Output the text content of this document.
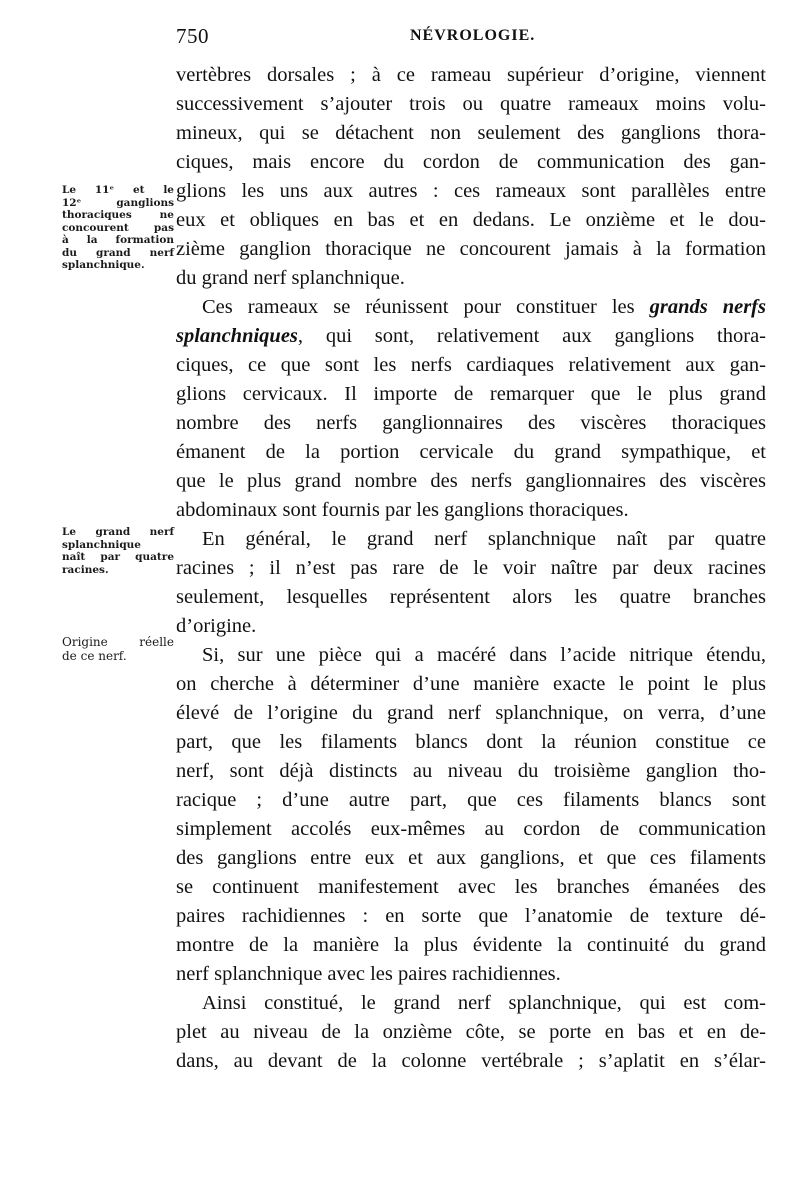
750	NÉVROLOGIE.
Le 11ᵉ et le
12ᵉ ganglions
thoraciques ne
concourent pas
à la formation
du grand nerf
splanchnique.
Le grand nerf
splanchnique
naît par quatre
racines.
Origine réelle
de ce nerf.
vertèbres dorsales ; à ce rameau supérieur d’origine, viennent
successivement s’ajouter trois ou quatre rameaux moins volu-
mineux, qui se détachent non seulement des ganglions thora-
ciques, mais encore du cordon de communication des gan-
glions les uns aux autres : ces rameaux sont parallèles entre
eux et obliques en bas et en dedans. Le onzième et le dou-
zième ganglion thoracique ne concourent jamais à la formation
du grand nerf splanchnique.
Ces rameaux se réunissent pour constituer les grands nerfs
splanchniques, qui sont, relativement aux ganglions thora-
ciques, ce que sont les nerfs cardiaques relativement aux gan-
glions cervicaux. Il importe de remarquer que le plus grand
nombre des nerfs ganglionnaires des viscères thoraciques
émanent de la portion cervicale du grand sympathique, et
que le plus grand nombre des nerfs ganglionnaires des viscères
abdominaux sont fournis par les ganglions thoraciques.
En général, le grand nerf splanchnique naît par quatre
racines ; il n’est pas rare de le voir naître par deux racines
seulement, lesquelles représentent alors les quatre branches
d’origine.
Si, sur une pièce qui a macéré dans l’acide nitrique étendu,
on cherche à déterminer d’une manière exacte le point le plus
élevé de l’origine du grand nerf splanchnique, on verra, d’une
part, que les filaments blancs dont la réunion constitue ce
nerf, sont déjà distincts au niveau du troisième ganglion tho-
racique ; d’une autre part, que ces filaments blancs sont
simplement accolés eux-mêmes au cordon de communication
des ganglions entre eux et aux ganglions, et que ces filaments
se continuent manifestement avec les branches émanées des
paires rachidiennes : en sorte que l’anatomie de texture dé-
montre de la manière la plus évidente la continuité du grand
nerf splanchnique avec les paires rachidiennes.
Ainsi constitué, le grand nerf splanchnique, qui est com-
plet au niveau de la onzième côte, se porte en bas et en de-
dans, au devant de la colonne vertébrale ; s’aplatit en s’élar-
